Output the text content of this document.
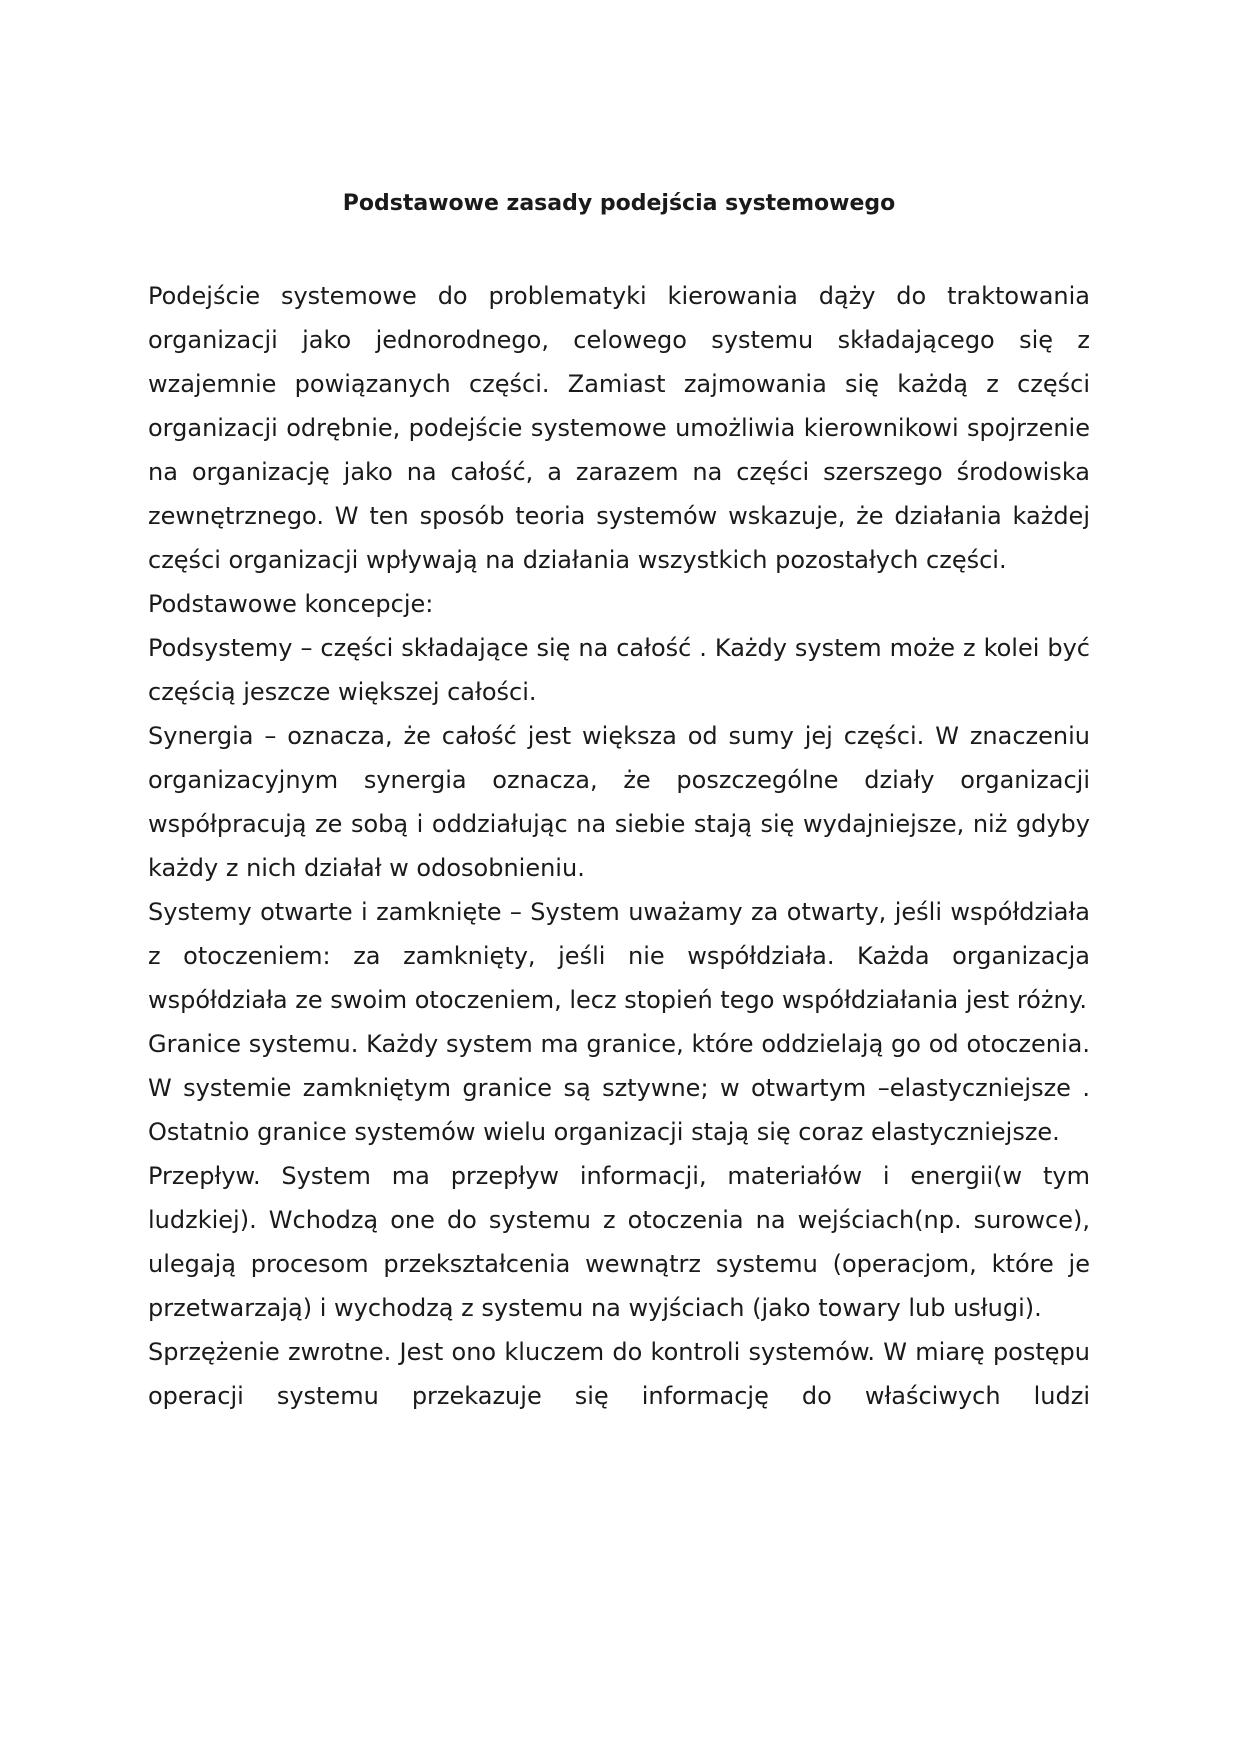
Podstawowe zasady podejścia systemowego

Podejście systemowe do problematyki kierowania dąży do traktowania organizacji jako jednorodnego, celowego systemu składającego się z wzajemnie powiązanych części. Zamiast zajmowania się każdą z części organizacji odrębnie, podejście systemowe umożliwia kierownikowi spojrzenie na organizację jako na całość, a zarazem na części szerszego środowiska zewnętrznego. W ten sposób teoria systemów wskazuje, że działania każdej części organizacji wpływają na działania wszystkich pozostałych części.

Podstawowe koncepcje:

Podsystemy – części składające się na całość . Każdy system może z kolei być częścią jeszcze większej całości.

Synergia – oznacza, że całość jest większa od sumy jej części. W znaczeniu organizacyjnym synergia oznacza, że poszczególne działy organizacji współpracują ze sobą i oddziałując na siebie stają się wydajniejsze, niż gdyby każdy z nich działał w odosobnieniu.

Systemy otwarte i zamknięte – System uważamy za otwarty, jeśli współdziała z otoczeniem: za zamknięty, jeśli nie współdziała. Każda organizacja współdziała ze swoim otoczeniem, lecz stopień tego współdziałania jest różny.

Granice systemu. Każdy system ma granice, które oddzielają go od otoczenia. W systemie zamkniętym granice są sztywne; w otwartym –elastyczniejsze . Ostatnio granice systemów wielu organizacji stają się coraz elastyczniejsze.

Przepływ. System ma przepływ informacji, materiałów i energii(w tym ludzkiej). Wchodzą one do systemu z otoczenia na wejściach(np. surowce), ulegają procesom przekształcenia wewnątrz systemu (operacjom, które je przetwarzają) i wychodzą z systemu na wyjściach (jako towary lub usługi).

Sprzężenie zwrotne. Jest ono kluczem do kontroli systemów. W miarę postępu operacji systemu przekazuje się informację do właściwych ludzi
